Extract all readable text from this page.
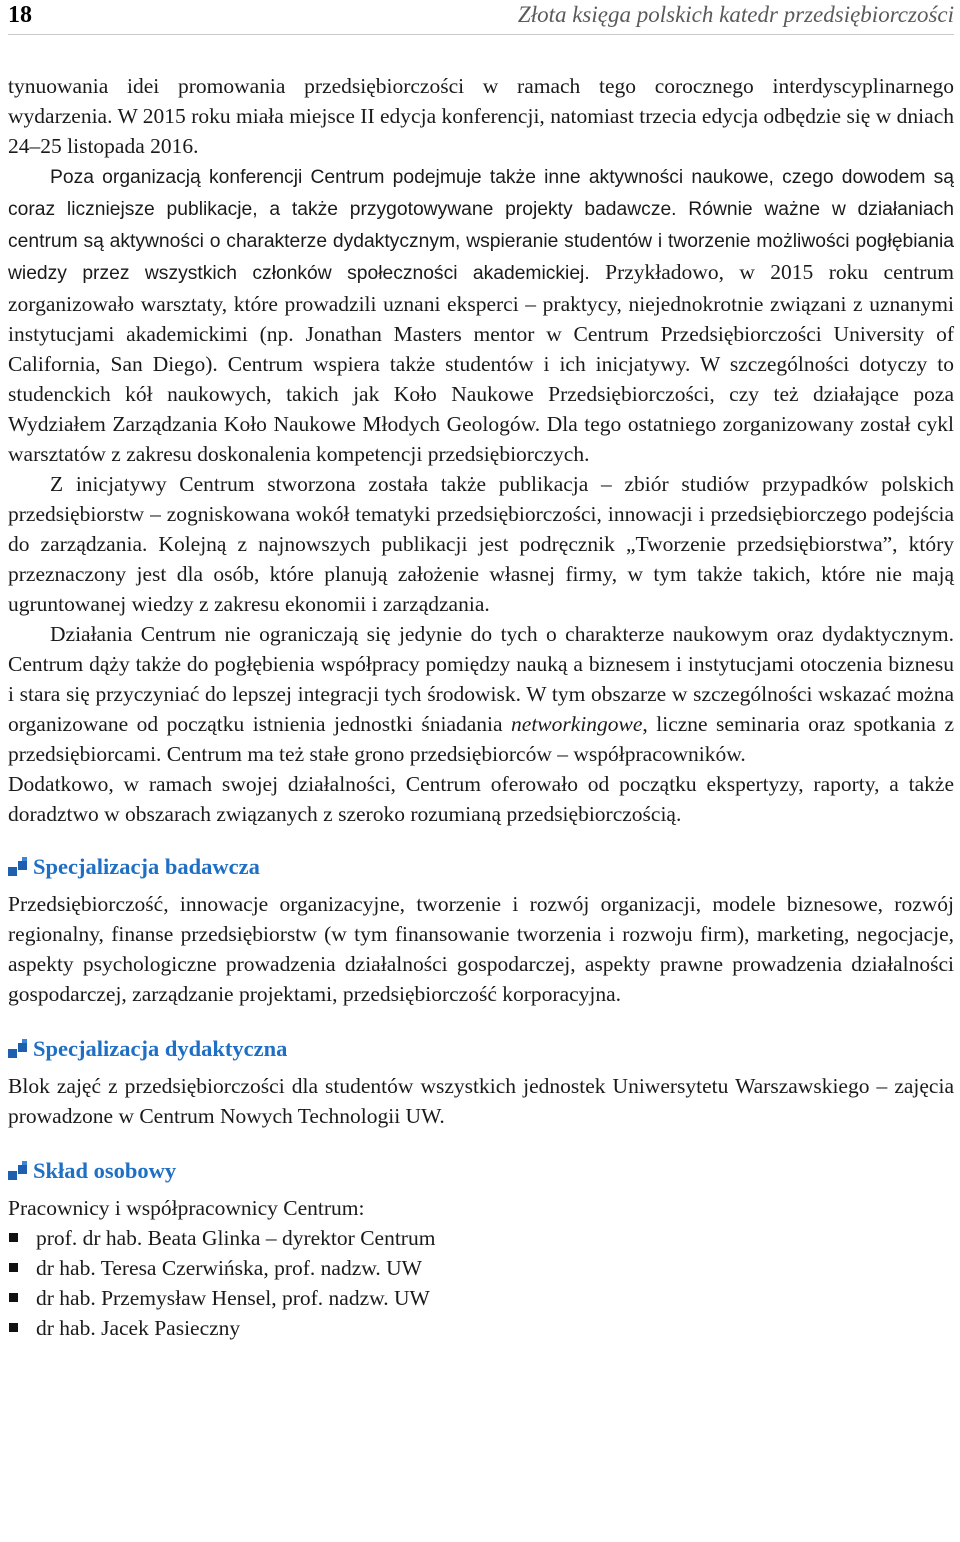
18	Złota księga polskich katedr przedsiębiorczości

tynuowania idei promowania przedsiębiorczości w ramach tego corocznego interdyscyplinarnego wydarzenia. W 2015 roku miała miejsce II edycja konferencji, natomiast trzecia edycja odbędzie się w dniach 24–25 listopada 2016.

Poza organizacją konferencji Centrum podejmuje także inne aktywności naukowe, czego dowodem są coraz liczniejsze publikacje, a także przygotowywane projekty badawcze. Równie ważne w działaniach centrum są aktywności o charakterze dydaktycznym, wspieranie studentów i tworzenie możliwości pogłębiania wiedzy przez wszystkich członków społeczności akademickiej. Przykładowo, w 2015 roku centrum zorganizowało warsztaty, które prowadzili uznani eksperci – praktycy, niejednokrotnie związani z uznanymi instytucjami akademickimi (np. Jonathan Masters mentor w Centrum Przedsiębiorczości University of California, San Diego). Centrum wspiera także studentów i ich inicjatywy. W szczególności dotyczy to studenckich kół naukowych, takich jak Koło Naukowe Przedsiębiorczości, czy też działające poza Wydziałem Zarządzania Koło Naukowe Młodych Geologów. Dla tego ostatniego zorganizowany został cykl warsztatów z zakresu doskonalenia kompetencji przedsiębiorczych.

Z inicjatywy Centrum stworzona została także publikacja – zbiór studiów przypadków polskich przedsiębiorstw – zogniskowana wokół tematyki przedsiębiorczości, innowacji i przedsiębiorczego podejścia do zarządzania. Kolejną z najnowszych publikacji jest podręcznik „Tworzenie przedsiębiorstwa”, który przeznaczony jest dla osób, które planują założenie własnej firmy, w tym także takich, które nie mają ugruntowanej wiedzy z zakresu ekonomii i zarządzania.

Działania Centrum nie ograniczają się jedynie do tych o charakterze naukowym oraz dydaktycznym. Centrum dąży także do pogłębienia współpracy pomiędzy nauką a biznesem i instytucjami otoczenia biznesu i stara się przyczyniać do lepszej integracji tych środowisk. W tym obszarze w szczególności wskazać można organizowane od początku istnienia jednostki śniadania networkingowe, liczne seminaria oraz spotkania z przedsiębiorcami. Centrum ma też stałe grono przedsiębiorców – współpracowników.

Dodatkowo, w ramach swojej działalności, Centrum oferowało od początku ekspertyzy, raporty, a także doradztwo w obszarach związanych z szeroko rozumianą przedsiębiorczością.

Specjalizacja badawcza

Przedsiębiorczość, innowacje organizacyjne, tworzenie i rozwój organizacji, modele biznesowe, rozwój regionalny, finanse przedsiębiorstw (w tym finansowanie tworzenia i rozwoju firm), marketing, negocjacje, aspekty psychologiczne prowadzenia działalności gospodarczej, aspekty prawne prowadzenia działalności gospodarczej, zarządzanie projektami, przedsiębiorczość korporacyjna.

Specjalizacja dydaktyczna

Blok zajęć z przedsiębiorczości dla studentów wszystkich jednostek Uniwersytetu Warszawskiego – zajęcia prowadzone w Centrum Nowych Technologii UW.

Skład osobowy

Pracownicy i współpracownicy Centrum:

prof. dr hab. Beata Glinka – dyrektor Centrum
dr hab. Teresa Czerwińska, prof. nadzw. UW
dr hab. Przemysław Hensel, prof. nadzw. UW
dr hab. Jacek Pasieczny
